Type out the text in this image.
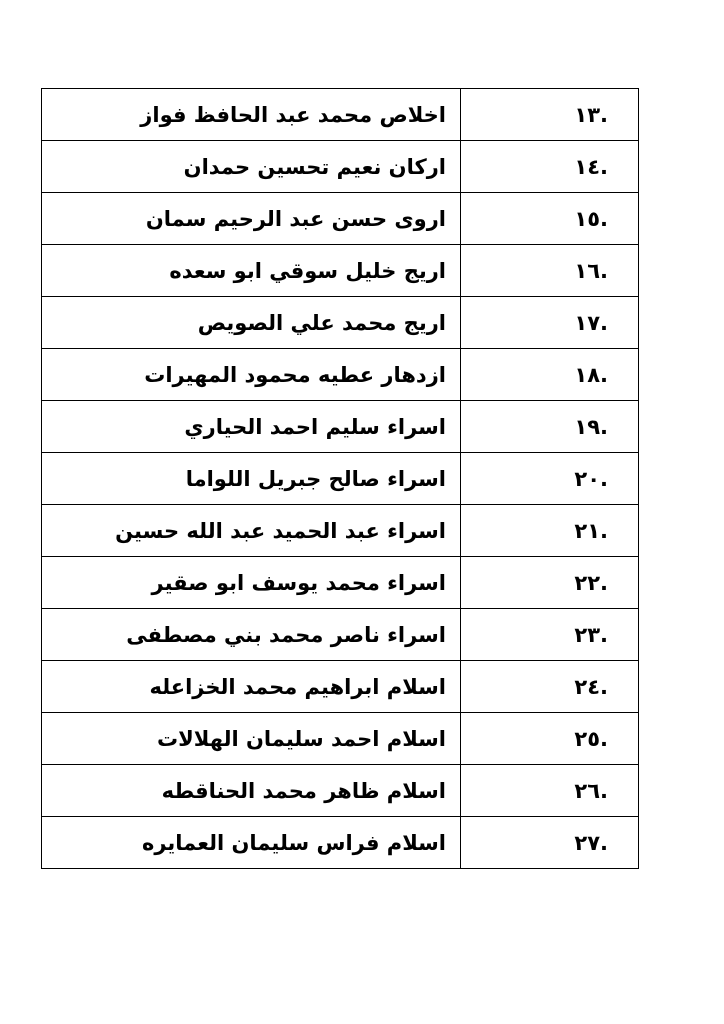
اخلاص محمد عبد الحافظ فواز	.١٣
اركان نعيم تحسين حمدان	.١٤
اروى حسن عبد الرحيم سمان	.١٥
اريج خليل سوقي ابو سعده	.١٦
اريج محمد علي الصويص	.١٧
ازدهار عطيه محمود المهيرات	.١٨
اسراء سليم احمد الحياري	.١٩
اسراء صالح جبريل اللواما	.٢٠
اسراء عبد الحميد عبد الله حسين	.٢١
اسراء محمد يوسف ابو صقير	.٢٢
اسراء ناصر محمد بني مصطفى	.٢٣
اسلام ابراهيم محمد الخزاعله	.٢٤
اسلام احمد سليمان الهلالات	.٢٥
اسلام ظاهر محمد الحناقطه	.٢٦
اسلام فراس سليمان العمايره	.٢٧
